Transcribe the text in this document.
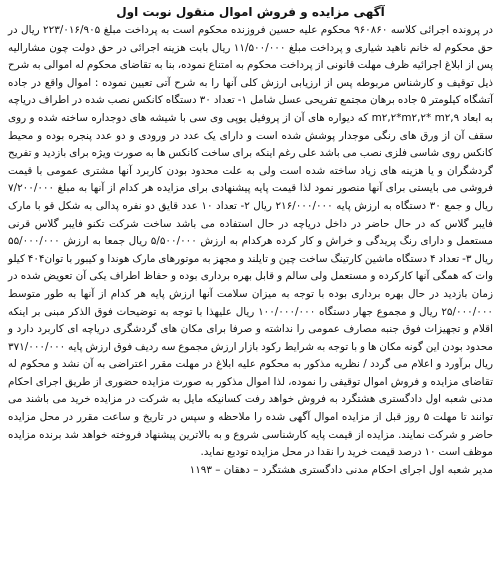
آگهی مزایده و فروش اموال منقول نوبت اول

در پرونده اجرائی کلاسه ۹۶۰۸۶۰ محکوم علیه حسین فروزنده محکوم است به پرداخت مبلغ ۲۲۳/۰۱۶/۹۰۵ ریال در حق محکوم له خانم ناهید شیاری و پرداخت مبلغ ۱۱/۵۰۰/۰۰۰ ریال بابت هزینه اجرائی در حق دولت چون مشارالیه پس از ابلاغ اجرائیه ظرف مهلت قانونی از پرداخت محکوم به امتناع نموده، بنا به تقاضای محکوم له اموالی به شرح ذیل توقیف و کارشناس مربوطه پس از ارزیابی ارزش کلی آنها را به شرح آتی تعیین نموده : اموال واقع در جاده آتشگاه کیلومتر ۵ جاده برهان مجتمع تفریحی عسل شامل ۱- تعداد ۳۰ دستگاه کانکس نصب شده در اطراف دریاچه به ابعاد m۲,۲*m۲,۲* m۲,۹ که دیواره های آن از پروفیل یوپی وی سی با شیشه های دوجداره ساخته شده و روی سقف آن از ورق های رنگی موجدار پوشش شده است و دارای یک عدد در ورودی و دو عدد پنجره بوده و محیط کانکس روی شاسی فلزی نصب می باشد علی رغم اینکه برای ساخت کانکس ها به صورت ویژه برای بازدید و تفریح گردشگران و یا هزینه های زیاد ساخته شده است ولی به علت محدود بودن کاربرد آنها مشتری عمومی با قیمت فروشی می بایستی برای آنها منصور نمود لذا قیمت پایه پیشنهادی برای مزایده هر کدام از آنها به مبلغ ۷/۲۰۰/۰۰۰ ریال و جمع ۳۰ دستگاه به ارزش پایه ۲۱۶/۰۰۰/۰۰۰ ریال ۲- تعداد ۱۰ عدد قایق دو نفره پدالی به شکل قو با مارک فایبر گلاس که در حال حاضر در داخل دریاچه در حال استفاده می باشد ساخت شرکت تکنو فایبر گلاس قرنی مستعمل و دارای رنگ پریدگی و خراش و کار کرده هرکدام به ارزش ۵/۵۰۰/۰۰۰ ریال جمعا به ارزش ۵۵/۰۰۰/۰۰۰ ریال ۳- تعداد ۴ دستگاه ماشین کارتینگ ساخت چین و تایلند و مجهز به موتورهای مارک هوندا و کیبور با توان۴۰۴ کیلو وات که همگی آنها کارکرده و مستعمل ولی سالم و قابل بهره برداری بوده و حفاظ اطراف یکی آن تعویض شده در زمان بازدید در حال بهره برداری بوده با توجه به میزان سلامت آنها ارزش پایه هر کدام از آنها به طور متوسط ۲۵/۰۰۰/۰۰۰ ریال و مجموع جهار دستگاه ۱۰۰/۰۰۰/۰۰۰ ریال علیهذا با توجه به توضیحات فوق الذکر مبنی بر اینکه اقلام و تجهیزات فوق جنبه مصارف عمومی را نداشته و صرفا برای مکان های گردشگری دریاچه ای کاربرد دارد و محدود بودن این گونه مکان ها و با توجه به شرایط رکود بازار ارزش مجموع سه ردیف فوق ارزش پایه ۳۷۱/۰۰۰/۰۰۰ ریال برآورد و اعلام می گردد / نظریه مذکور به محکوم علیه ابلاغ در مهلت مقرر اعتراضی به آن نشد و محکوم له تقاضای مزایده و فروش اموال توقیفی را نموده، لذا اموال مذکور به صورت مزایده حضوری از طریق اجرای احکام مدنی شعبه اول دادگستری هشتگرد به فروش خواهد رفت کسانیکه مایل به شرکت در مزایده خرید می باشند می توانند تا مهلت ۵ روز قبل از مزایده اموال آگهی شده را ملاحظه و سپس در تاریخ و ساعت مقرر در محل مزایده حاضر و شرکت نمایند. مزایده از قیمت پایه کارشناسی شروع و به بالاترین پیشنهاد فروخته خواهد شد برنده مزایده موظف است ۱۰ درصد قیمت خرید را نقدا در محل مزایده تودیع نماید.

مدیر شعبه اول اجرای احکام مدنی دادگستری هشتگرد – دهقان – ۱۱۹۳
